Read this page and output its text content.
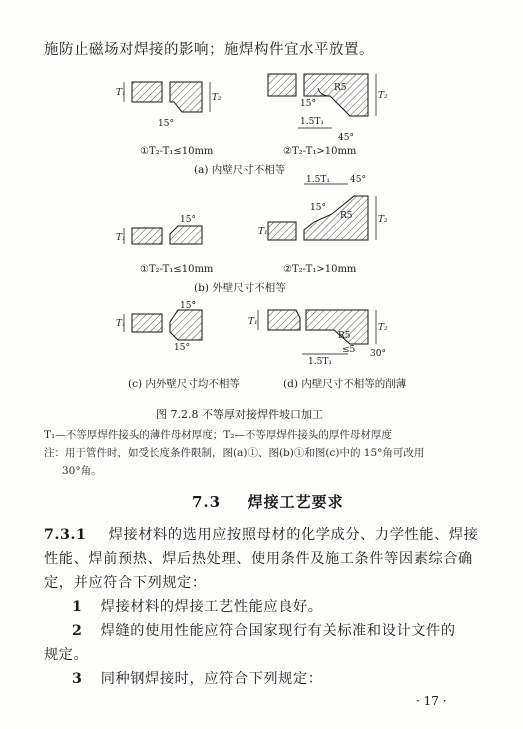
施防止磁场对焊接的影响；施焊构件宜水平放置。
T₁	T₂
15°
15°
R5
T₂
1.5T₁
45°
①T₂-T₁≤10mm	②T₂-T₁>10mm
(a) 内壁尺寸不相等
T₁
15°
1.5T₁ 45°
15°
R5
T₁
T₂
①T₂-T₁≤10mm	②T₂-T₁>10mm
(b) 外壁尺寸不相等
T₁
15°
15°
T₁
T₂
R5
1.5T₁
≤5 30°
(c) 内外壁尺寸均不相等	(d) 内壁尺寸不相等的削薄
图 7.2.8 不等厚对接焊件坡口加工
T₁—不等厚焊件接头的薄件母材厚度；T₂—不等厚焊件接头的厚件母材厚度
注：用于管件时，如受长度条件限制，图(a)①、图(b)①和图(c)中的 15°角可改用
30°角。
7.3 焊接工艺要求
7.3.1 焊接材料的选用应按照母材的化学成分、力学性能、焊接
性能、焊前预热、焊后热处理、使用条件及施工条件等因素综合确
定，并应符合下列规定：
1 焊接材料的焊接工艺性能应良好。
2 焊缝的使用性能应符合国家现行有关标准和设计文件的
规定。
3 同种钢焊接时，应符合下列规定：
· 17 ·
